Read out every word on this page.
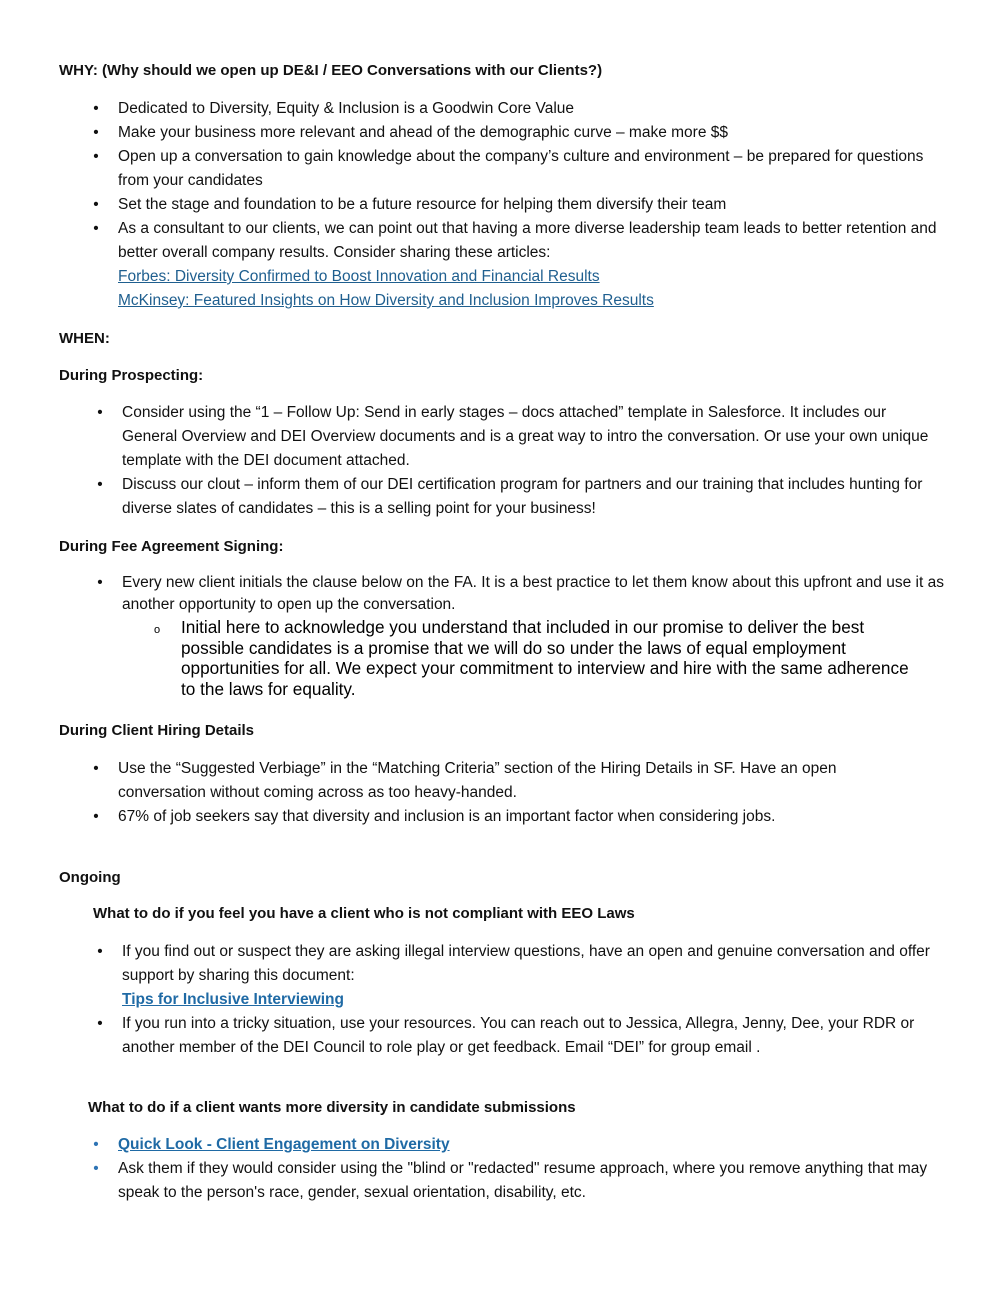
WHY: (Why should we open up DE&I / EEO Conversations with our Clients?)

• Dedicated to Diversity, Equity & Inclusion is a Goodwin Core Value
• Make your business more relevant and ahead of the demographic curve – make more $$
• Open up a conversation to gain knowledge about the company’s culture and environment – be prepared for questions from your candidates
• Set the stage and foundation to be a future resource for helping them diversify their team
• As a consultant to our clients, we can point out that having a more diverse leadership team leads to better retention and better overall company results. Consider sharing these articles:
Forbes: Diversity Confirmed to Boost Innovation and Financial Results
McKinsey: Featured Insights on How Diversity and Inclusion Improves Results

WHEN:

During Prospecting:

• Consider using the “1 – Follow Up: Send in early stages – docs attached” template in Salesforce. It includes our General Overview and DEI Overview documents and is a great way to intro the conversation. Or use your own unique template with the DEI document attached.
• Discuss our clout – inform them of our DEI certification program for partners and our training that includes hunting for diverse slates of candidates – this is a selling point for your business!

During Fee Agreement Signing:

• Every new client initials the clause below on the FA. It is a best practice to let them know about this upfront and use it as another opportunity to open up the conversation.
o Initial here to acknowledge you understand that included in our promise to deliver the best possible candidates is a promise that we will do so under the laws of equal employment opportunities for all. We expect your commitment to interview and hire with the same adherence to the laws for equality.

During Client Hiring Details

• Use the “Suggested Verbiage” in the “Matching Criteria” section of the Hiring Details in SF. Have an open conversation without coming across as too heavy-handed.
• 67% of job seekers say that diversity and inclusion is an important factor when considering jobs.

Ongoing

What to do if you feel you have a client who is not compliant with EEO Laws

• If you find out or suspect they are asking illegal interview questions, have an open and genuine conversation and offer support by sharing this document:
Tips for Inclusive Interviewing
• If you run into a tricky situation, use your resources. You can reach out to Jessica, Allegra, Jenny, Dee, your RDR or another member of the DEI Council to role play or get feedback. Email “DEI” for group email .

What to do if a client wants more diversity in candidate submissions

• Quick Look - Client Engagement on Diversity
• Ask them if they would consider using the "blind or "redacted" resume approach, where you remove anything that may speak to the person's race, gender, sexual orientation, disability, etc.
